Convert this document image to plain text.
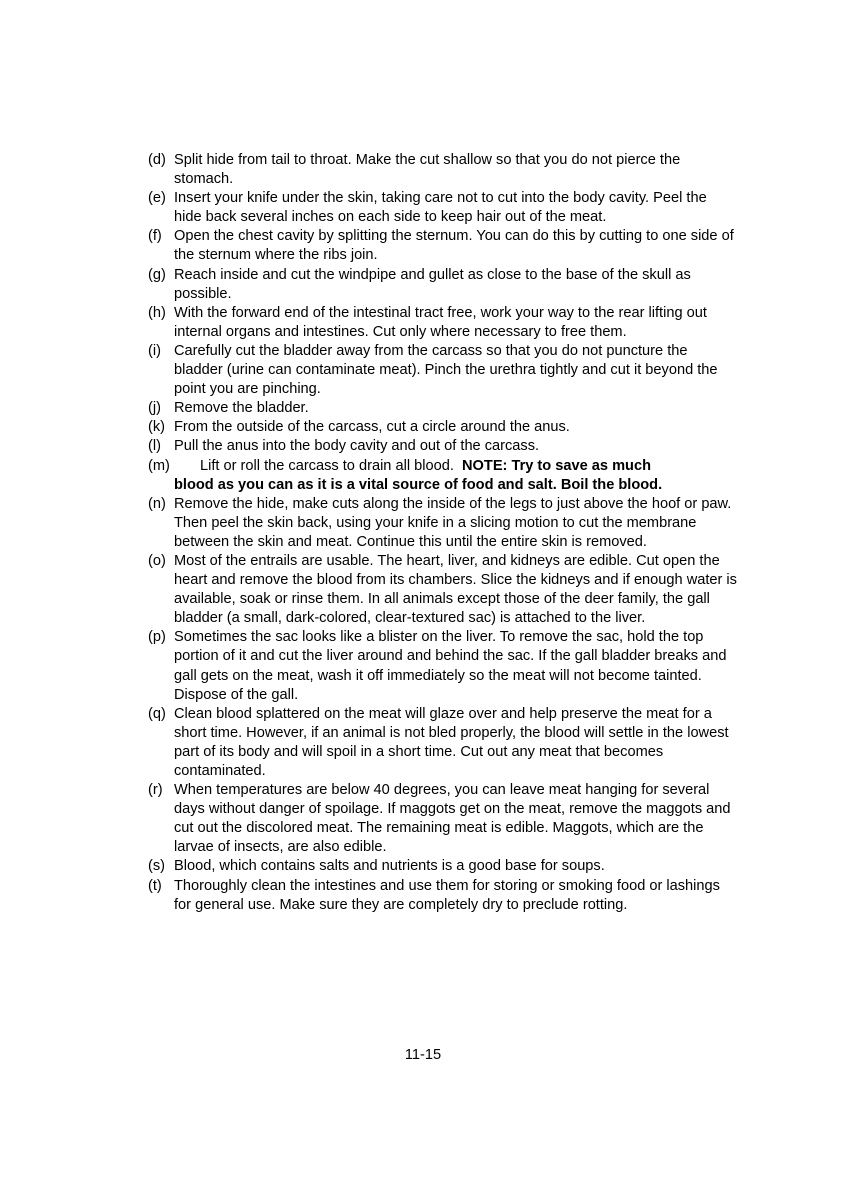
(d) Split hide from tail to throat. Make the cut shallow so that you do not pierce the stomach.
(e) Insert your knife under the skin, taking care not to cut into the body cavity. Peel the hide back several inches on each side to keep hair out of the meat.
(f) Open the chest cavity by splitting the sternum. You can do this by cutting to one side of the sternum where the ribs join.
(g) Reach inside and cut the windpipe and gullet as close to the base of the skull as possible.
(h) With the forward end of the intestinal tract free, work your way to the rear lifting out internal organs and intestines. Cut only where necessary to free them.
(i) Carefully cut the bladder away from the carcass so that you do not puncture the bladder (urine can contaminate meat). Pinch the urethra tightly and cut it beyond the point you are pinching.
(j) Remove the bladder.
(k) From the outside of the carcass, cut a circle around the anus.
(l) Pull the anus into the body cavity and out of the carcass.
(m) Lift or roll the carcass to drain all blood. NOTE: Try to save as much
blood as you can as it is a vital source of food and salt. Boil the blood.
(n) Remove the hide, make cuts along the inside of the legs to just above the hoof or paw. Then peel the skin back, using your knife in a slicing motion to cut the membrane between the skin and meat. Continue this until the entire skin is removed.
(o) Most of the entrails are usable. The heart, liver, and kidneys are edible. Cut open the heart and remove the blood from its chambers. Slice the kidneys and if enough water is available, soak or rinse them. In all animals except those of the deer family, the gall bladder (a small, dark-colored, clear-textured sac) is attached to the liver.
(p) Sometimes the sac looks like a blister on the liver. To remove the sac, hold the top portion of it and cut the liver around and behind the sac. If the gall bladder breaks and gall gets on the meat, wash it off immediately so the meat will not become tainted. Dispose of the gall.
(q) Clean blood splattered on the meat will glaze over and help preserve the meat for a short time. However, if an animal is not bled properly, the blood will settle in the lowest part of its body and will spoil in a short time. Cut out any meat that becomes contaminated.
(r) When temperatures are below 40 degrees, you can leave meat hanging for several days without danger of spoilage. If maggots get on the meat, remove the maggots and cut out the discolored meat. The remaining meat is edible. Maggots, which are the larvae of insects, are also edible.
(s) Blood, which contains salts and nutrients is a good base for soups.
(t) Thoroughly clean the intestines and use them for storing or smoking food or lashings for general use. Make sure they are completely dry to preclude rotting.
11-15
